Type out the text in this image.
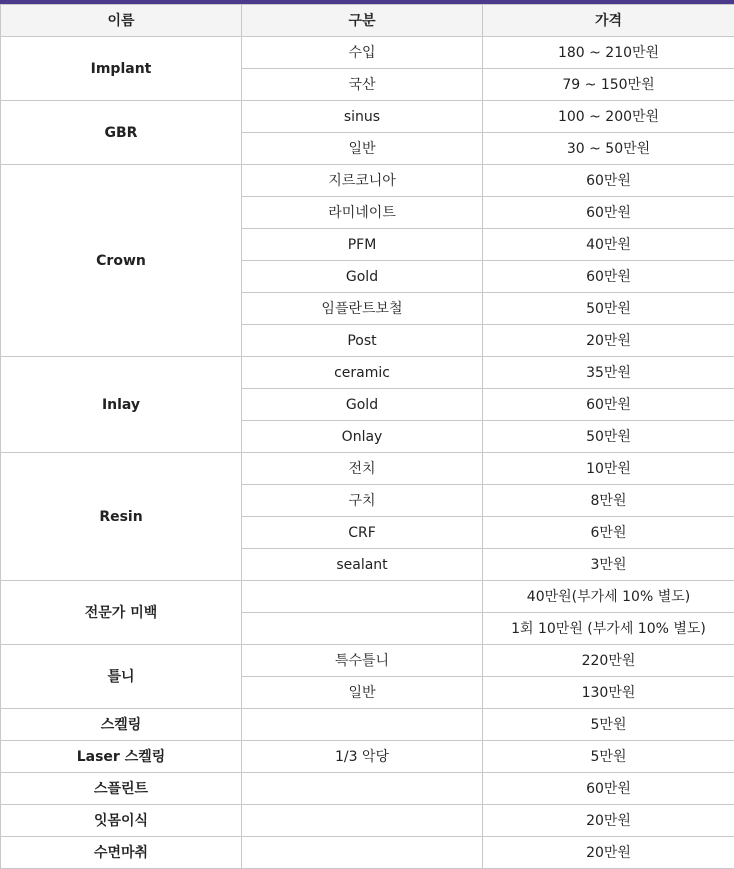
이름	구분	가격
Implant	수입	180 ~ 210만원
	국산	79 ~ 150만원
GBR	sinus	100 ~ 200만원
	일반	30 ~ 50만원
Crown	지르코니아	60만원
	라미네이트	60만원
	PFM	40만원
	Gold	60만원
	임플란트보철	50만원
	Post	20만원
Inlay	ceramic	35만원
	Gold	60만원
	Onlay	50만원
Resin	전치	10만원
	구치	8만원
	CRF	6만원
	sealant	3만원
전문가 미백		40만원(부가세 10% 별도)
		1회 10만원 (부가세 10% 별도)
틀니	특수틀니	220만원
	일반	130만원
스켈링		5만원
Laser 스켈링	1/3 악당	5만원
스플린트		60만원
잇몸이식		20만원
수면마취		20만원
